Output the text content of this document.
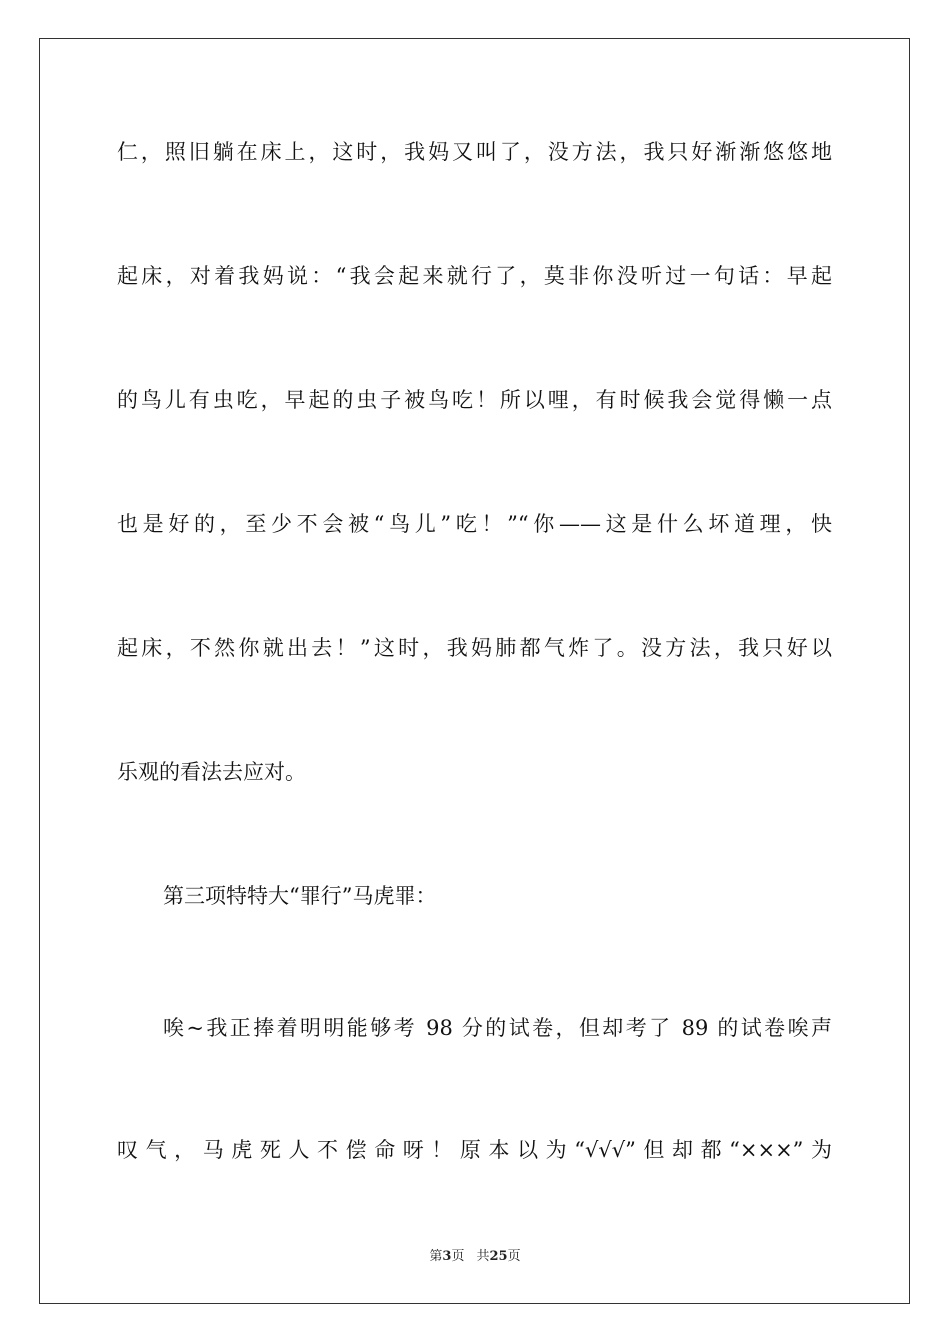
仁，照旧躺在床上，这时，我妈又叫了，没方法，我只好渐渐悠悠地
起床，对着我妈说：“我会起来就行了，莫非你没听过一句话：早起
的鸟儿有虫吃，早起的虫子被鸟吃！所以哩，有时候我会觉得懒一点
也是好的，至少不会被“鸟儿”吃！”“你——这是什么坏道理，快
起床，不然你就出去！”这时，我妈肺都气炸了。没方法，我只好以
乐观的看法去应对。
第三项特特大“罪行”马虎罪：
唉~我正捧着明明能够考 98 分的试卷，但却考了 89 的试卷唉声
叹气，马虎死人不偿命呀！原本以为“√√√”但却都“×××”为
第3页 共25页
